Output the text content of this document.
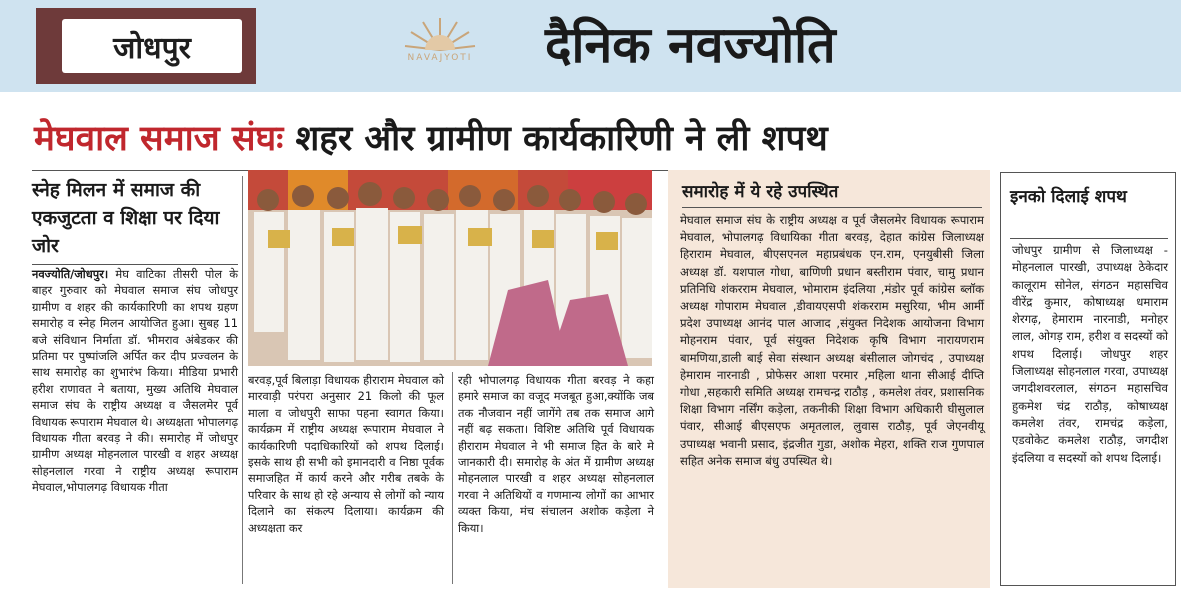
जोधपुर	NAVAJYOTI दैनिक नवज्योति
मेघवाल समाज संघः शहर और ग्रामीण कार्यकारिणी ने ली शपथ
स्नेह मिलन में समाज की एकजुटता व शिक्षा पर दिया जोर
नवज्योति/जोधपुर। मेघ वाटिका तीसरी पोल के बाहर गुरुवार को मेघवाल समाज संघ जोधपुर ग्रामीण व शहर की कार्यकारिणी का शपथ ग्रहण समारोह व स्नेह मिलन आयोजित हुआ। सुबह 11 बजे संविधान निर्माता डॉ. भीमराव अंबेडकर की प्रतिमा पर पुष्पांजलि अर्पित कर दीप प्रज्वलन के साथ समारोह का शुभारंभ किया। मीडिया प्रभारी हरीश राणावत ने बताया, मुख्य अतिथि मेघवाल समाज संघ के राष्ट्रीय अध्यक्ष व जैसलमेर पूर्व विधायक रूपाराम मेघवाल थे। अध्यक्षता भोपालगढ़ विधायक गीता बरवड़ ने की। समारोह में जोधपुर ग्रामीण अध्यक्ष मोहनलाल पारखी व शहर अध्यक्ष सोहनलाल गरवा ने राष्ट्रीय अध्यक्ष रूपाराम मेघवाल,भोपालगढ़ विधायक गीता
बरवड़,पूर्व बिलाड़ा विधायक हीराराम मेघवाल को मारवाड़ी परंपरा अनुसार 21 किलो की फूल माला व जोधपुरी साफा पहना स्वागत किया। कार्यक्रम में राष्ट्रीय अध्यक्ष रूपाराम मेघवाल ने कार्यकारिणी पदाधिकारियों को शपथ दिलाई। इसके साथ ही सभी को इमानदारी व निष्ठा पूर्वक समाजहित में कार्य करने और गरीब तबके के परिवार के साथ हो रहे अन्याय से लोगों को न्याय दिलाने का संकल्प दिलाया। कार्यक्रम की अध्यक्षता कर
रही भोपालगढ़ विधायक गीता बरवड़ ने कहा हमारे समाज का वजूद मजबूत हुआ,क्योंकि जब तक नौजवान नहीं जागेंगे तब तक समाज आगे नहीं बढ़ सकता। विशिष्ट अतिथि पूर्व विधायक हीराराम मेघवाल ने भी समाज हित के बारे मे जानकारी दी। समारोह के अंत में ग्रामीण अध्यक्ष मोहनलाल पारखी व शहर अध्यक्ष सोहनलाल गरवा ने अतिथियों व गणमान्य लोगों का आभार व्यक्त किया, मंच संचालन अशोक कड़ेला ने किया।
समारोह में ये रहे उपस्थित
मेघवाल समाज संघ के राष्ट्रीय अध्यक्ष व पूर्व जैसलमेर विधायक रूपाराम मेघवाल, भोपालगढ़ विधायिका गीता बरवड़, देहात कांग्रेस जिलाध्यक्ष हिराराम मेघवाल, बीएसएनल महाप्रबंधक एन.राम, एनयुबीसी जिला अध्यक्ष डॉ. यशपाल गोधा, बाणिणी प्रधान बस्तीराम पंवार, चामु प्रधान प्रतिनिधि शंकरराम मेघवाल, भोमाराम इंदलिया ,मंडोर पूर्व कांग्रेस ब्लॉक अध्यक्ष गोपाराम मेघवाल ,डीवायएसपी शंकरराम मसुरिया, भीम आर्मी प्रदेश उपाध्यक्ष आनंद पाल आजाद ,संयुक्त निदेशक आयोजना विभाग मोहनराम पंवार, पूर्व संयुक्त निदेशक कृषि विभाग नारायणराम बामणिया,डाली बाई सेवा संस्थान अध्यक्ष बंसीलाल जोगचंद , उपाध्यक्ष हेमाराम नारनाडी , प्रोफेसर आशा परमार ,महिला थाना सीआई दीप्ति गोधा ,सहकारी समिति अध्यक्ष रामचन्द्र राठौड़ , कमलेश तंवर, प्रशासनिक शिक्षा विभाग नर्सिंग कड़ेला, तकनीकी शिक्षा विभाग अधिकारी घीसुलाल पंवार, सीआई बीएसएफ अमृतलाल, लुवास राठौड़, पूर्व जेएनवीयू उपाध्यक्ष भवानी प्रसाद, इंद्रजीत गुडा, अशोक मेहरा, शक्ति राज गुणपाल सहित अनेक समाज बंधु उपस्थित थे।
इनको दिलाई शपथ
जोधपुर ग्रामीण से जिलाध्यक्ष - मोहनलाल पारखी, उपाध्यक्ष ठेकेदार कालूराम सोनेल, संगठन महासचिव वीरेंद्र कुमार, कोषाध्यक्ष धमाराम शेरगढ़, हेमाराम नारनाडी, मनोहर लाल, ओगड़ राम, हरीश व सदस्यों को शपथ दिलाई। जोधपुर शहर जिलाध्यक्ष सोहनलाल गरवा, उपाध्यक्ष जगदीशवरलाल, संगठन महासचिव हुकमेश चंद्र राठौड़, कोषाध्यक्ष कमलेश तंवर, रामचंद्र कड़ेला, एडवोकेट कमलेश राठौड़, जगदीश इंदलिया व सदस्यों को शपथ दिलाई।
